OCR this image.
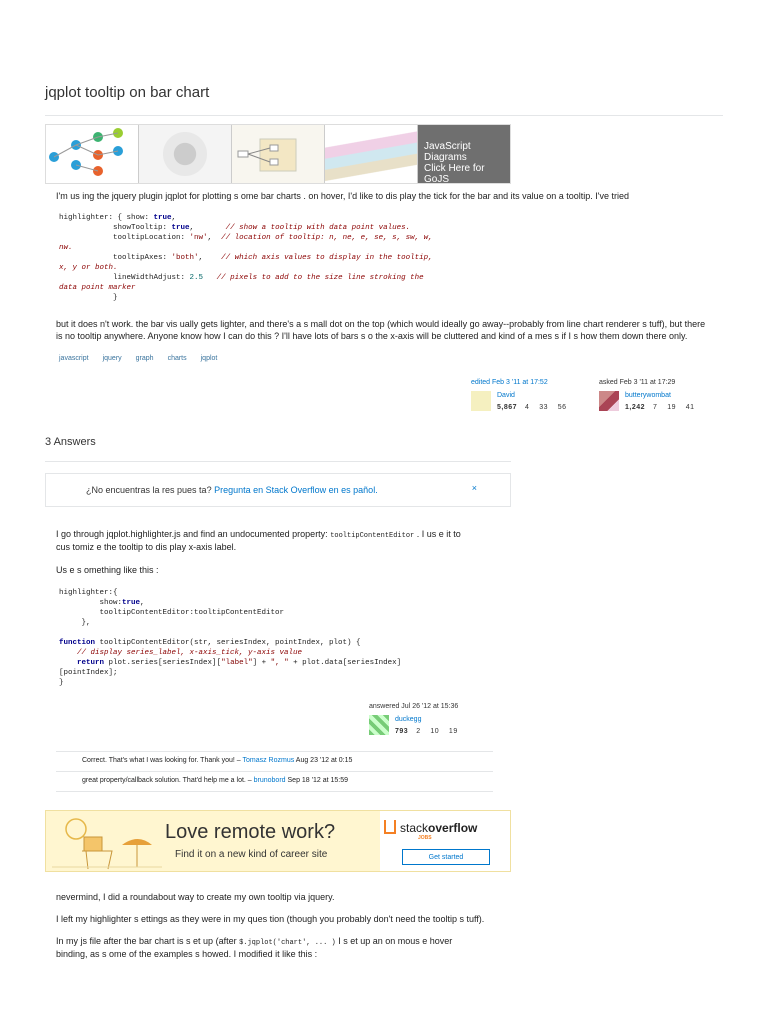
jqplot tooltip on bar chart
JavaScript Diagrams
Click Here for GoJS
I'm us ing the jquery plugin jqplot for plotting s ome bar charts . on hover, I'd like to dis play the tick for the bar and its value on a tooltip. I've tried
highlighter: { show: true,
showTooltip: true,       // show a tooltip with data point values.
tooltipLocation: 'nw',  // location of tooltip: n, ne, e, se, s, sw, w,
nw.
tooltipAxes: 'both',    // which axis values to display in the tooltip,
x, y or both.
lineWidthAdjust: 2.5 // pixels to add to the size line stroking the
data point marker
}
but it does n't work. the bar vis ually gets lighter, and there's a s mall dot on the top (which would ideally go away--probably from line chart renderer s tuff), but there
is no tooltip anywhere. Anyone know how I can do this ? I'll have lots of bars s o the x-axis will be cluttered and kind of a mes s if I s how them down there only.
javascript jquery graph charts jqplot
edited Feb 3 '11 at 17:52
David
5,867 4    33    56
asked Feb 3 '11 at 17:29
butterywombat
1,242 7    19    41
3 Answers
¿No encuentras la res pues ta? Pregunta en Stack Overflow en es pañol.	×
I go through jqplot.highlighter.js and find an undocumented property: tooltipContentEditor . I us e it to
cus tomiz e the tooltip to dis play x-axis label.
Us e s omething like this :
highlighter:{
show:true,
tooltipContentEditor:tooltipContentEditor
},

function tooltipContentEditor(str, seriesIndex, pointIndex, plot) {
// display series_label, x-axis_tick, y-axis value
return plot.series[seriesIndex]["label"] + ", " + plot.data[seriesIndex]
[pointIndex];
}
answered Jul 26 '12 at 15:36
duckegg
793 2    10    19
Correct. That's what I was looking for. Thank you! – Tomasz Rozmus Aug 23 '12 at 0:15
great property/callback solution. That'd help me a lot. – brunobord Sep 18 '12 at 15:59
Love remote work?
Find it on a new kind of career site
stackoverflow
JOBS
Get started
nevermind, I did a roundabout way to create my own tooltip via jquery.
I left my highlighter s ettings as they were in my ques tion (though you probably don't need the tooltip s tuff).
In my js file after the bar chart is s et up (after $.jqplot('chart', ... ) I s et up an on mous e hover
binding, as s ome of the examples s howed. I modified it like this :
